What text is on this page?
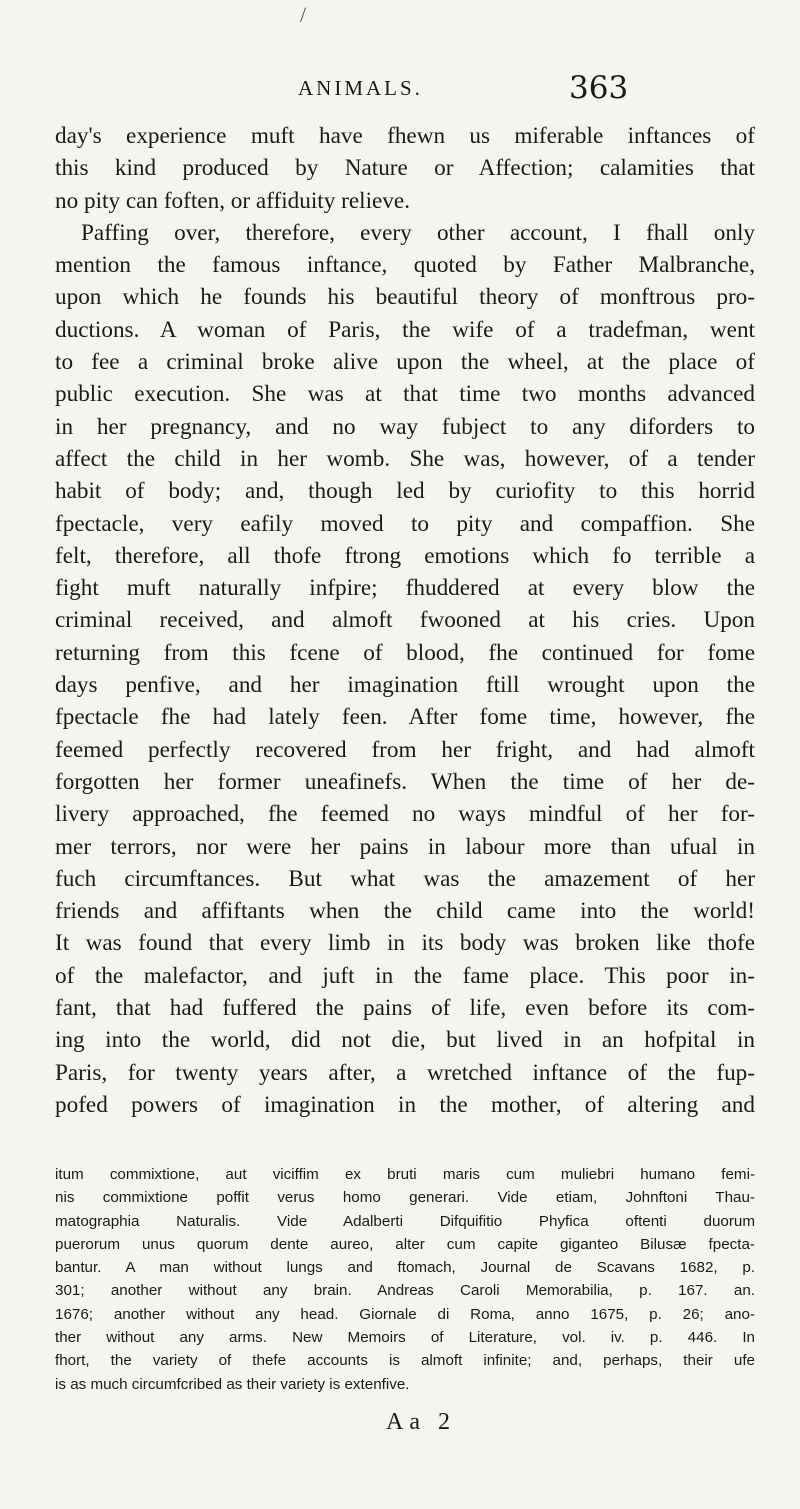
/
ANIMALS.	363
day's experience muft have fhewn us miferable inftances of
this kind produced by Nature or Affection; calamities that
no pity can foften, or affiduity relieve.
Paffing over, therefore, every other account, I fhall only
mention the famous inftance, quoted by Father Malbranche,
upon which he founds his beautiful theory of monftrous pro-
ductions. A woman of Paris, the wife of a tradefman, went
to fee a criminal broke alive upon the wheel, at the place of
public execution. She was at that time two months advanced
in her pregnancy, and no way fubject to any diforders to
affect the child in her womb. She was, however, of a tender
habit of body; and, though led by curiofity to this horrid
fpectacle, very eafily moved to pity and compaffion. She
felt, therefore, all thofe ftrong emotions which fo terrible a
fight muft naturally infpire; fhuddered at every blow the
criminal received, and almoft fwooned at his cries. Upon
returning from this fcene of blood, fhe continued for fome
days penfive, and her imagination ftill wrought upon the
fpectacle fhe had lately feen. After fome time, however, fhe
feemed perfectly recovered from her fright, and had almoft
forgotten her former uneafinefs. When the time of her de-
livery approached, fhe feemed no ways mindful of her for-
mer terrors, nor were her pains in labour more than ufual in
fuch circumftances. But what was the amazement of her
friends and affiftants when the child came into the world!
It was found that every limb in its body was broken like thofe
of the malefactor, and juft in the fame place. This poor in-
fant, that had fuffered the pains of life, even before its com-
ing into the world, did not die, but lived in an hofpital in
Paris, for twenty years after, a wretched inftance of the fup-
pofed powers of imagination in the mother, of altering and
itum commixtione, aut viciffim ex bruti maris cum muliebri humano femi-
nis commixtione poffit verus homo generari. Vide etiam, Johnftoni Thau-
matographia Naturalis. Vide Adalberti Difquifitio Phyfica oftenti duorum
puerorum unus quorum dente aureo, alter cum capite giganteo Bilusæ fpecta-
bantur. A man without lungs and ftomach, Journal de Scavans 1682, p.
301; another without any brain. Andreas Caroli Memorabilia, p. 167. an.
1676; another without any head. Giornale di Roma, anno 1675, p. 26; ano-
ther without any arms. New Memoirs of Literature, vol. iv. p. 446. In
fhort, the variety of thefe accounts is almoft infinite; and, perhaps, their ufe
is as much circumfcribed as their variety is extenfive.
Aa 2
